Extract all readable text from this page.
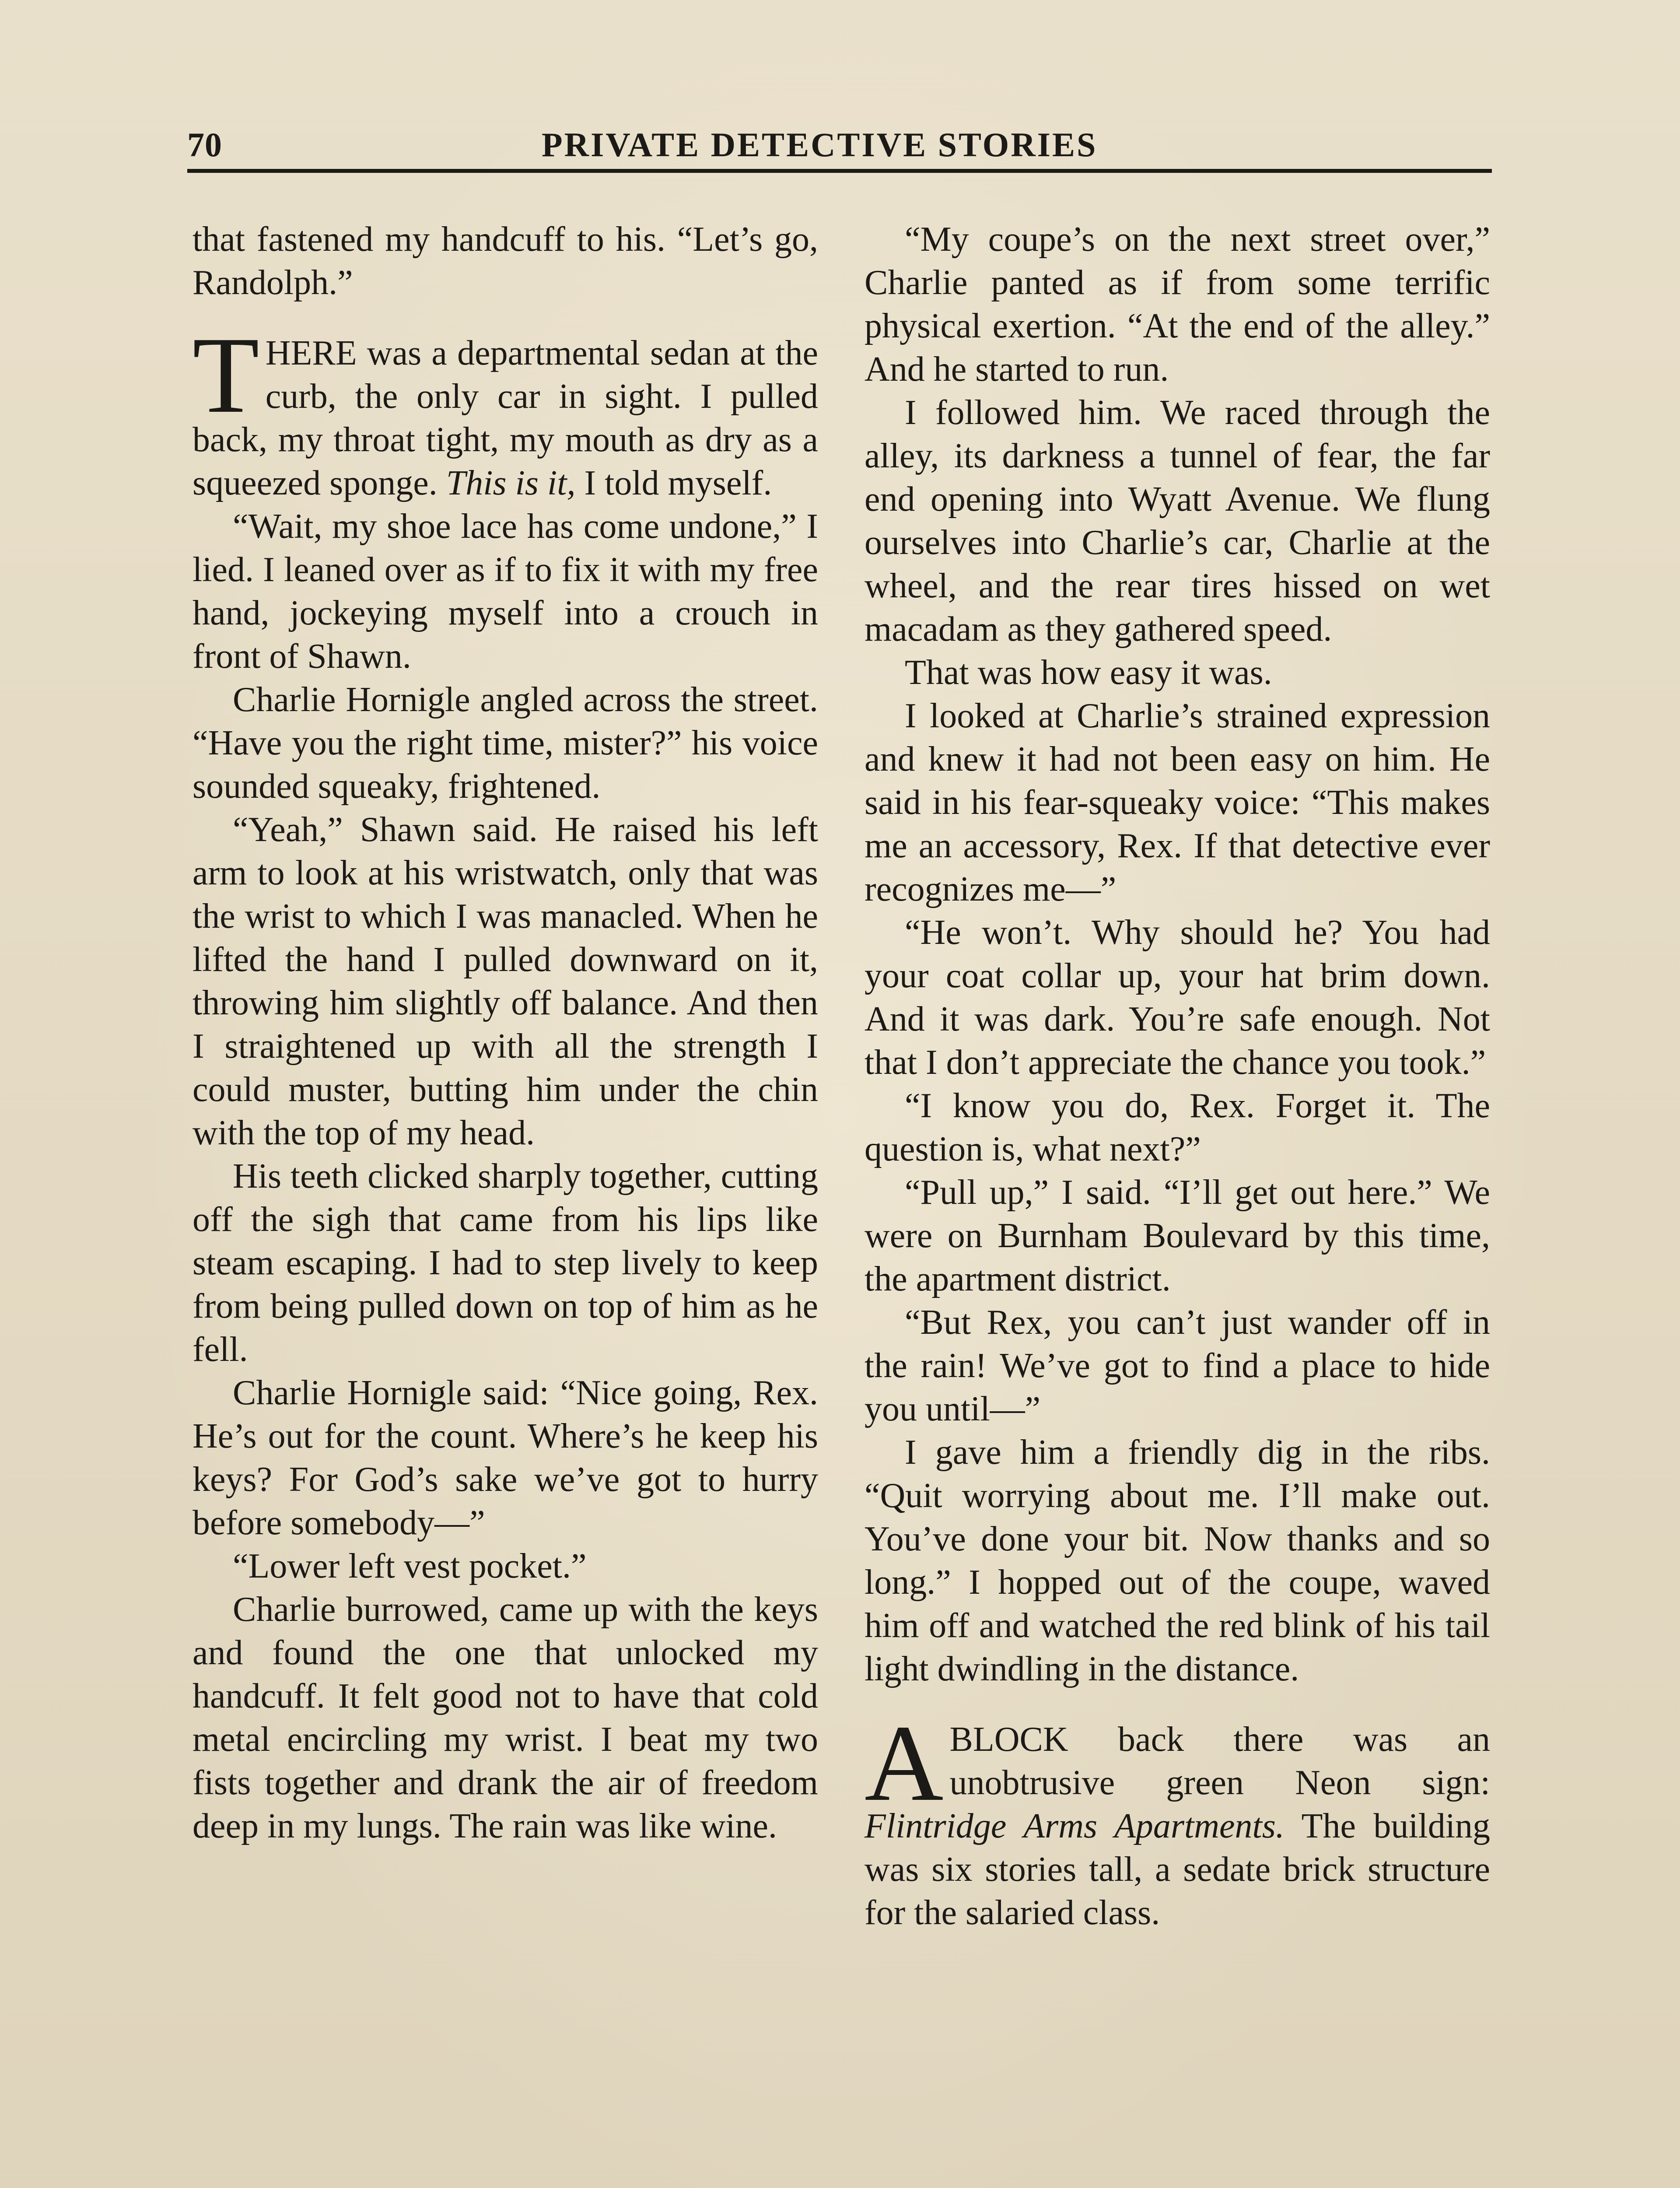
70	PRIVATE DETECTIVE STORIES

that fastened my handcuff to his. “Let’s go, Randolph.”

THERE was a departmental sedan at the curb, the only car in sight. I pulled back, my throat tight, my mouth as dry as a squeezed sponge. This is it, I told myself.

“Wait, my shoe lace has come undone,” I lied. I leaned over as if to fix it with my free hand, jockeying myself into a crouch in front of Shawn.

Charlie Hornigle angled across the street. “Have you the right time, mister?” his voice sounded squeaky, frightened.

“Yeah,” Shawn said. He raised his left arm to look at his wristwatch, only that was the wrist to which I was manacled. When he lifted the hand I pulled downward on it, throwing him slightly off balance. And then I straightened up with all the strength I could muster, butting him under the chin with the top of my head.

His teeth clicked sharply together, cutting off the sigh that came from his lips like steam escaping. I had to step lively to keep from being pulled down on top of him as he fell.

Charlie Hornigle said: “Nice going, Rex. He’s out for the count. Where’s he keep his keys? For God’s sake we’ve got to hurry before somebody—”

“Lower left vest pocket.”

Charlie burrowed, came up with the keys and found the one that unlocked my handcuff. It felt good not to have that cold metal encircling my wrist. I beat my two fists together and drank the air of freedom deep in my lungs. The rain was like wine.

“My coupe’s on the next street over,” Charlie panted as if from some terrific physical exertion. “At the end of the alley.” And he started to run.

I followed him. We raced through the alley, its darkness a tunnel of fear, the far end opening into Wyatt Avenue. We flung ourselves into Charlie’s car, Charlie at the wheel, and the rear tires hissed on wet macadam as they gathered speed.

That was how easy it was.

I looked at Charlie’s strained expression and knew it had not been easy on him. He said in his fear-squeaky voice: “This makes me an accessory, Rex. If that detective ever recognizes me—”

“He won’t. Why should he? You had your coat collar up, your hat brim down. And it was dark. You’re safe enough. Not that I don’t appreciate the chance you took.”

“I know you do, Rex. Forget it. The question is, what next?”

“Pull up,” I said. “I’ll get out here.” We were on Burnham Boulevard by this time, the apartment district.

“But Rex, you can’t just wander off in the rain! We’ve got to find a place to hide you until—”

I gave him a friendly dig in the ribs. “Quit worrying about me. I’ll make out. You’ve done your bit. Now thanks and so long.” I hopped out of the coupe, waved him off and watched the red blink of his tail light dwindling in the distance.

A BLOCK back there was an unobtrusive green Neon sign: Flintridge Arms Apartments. The building was six stories tall, a sedate brick structure for the salaried class.
